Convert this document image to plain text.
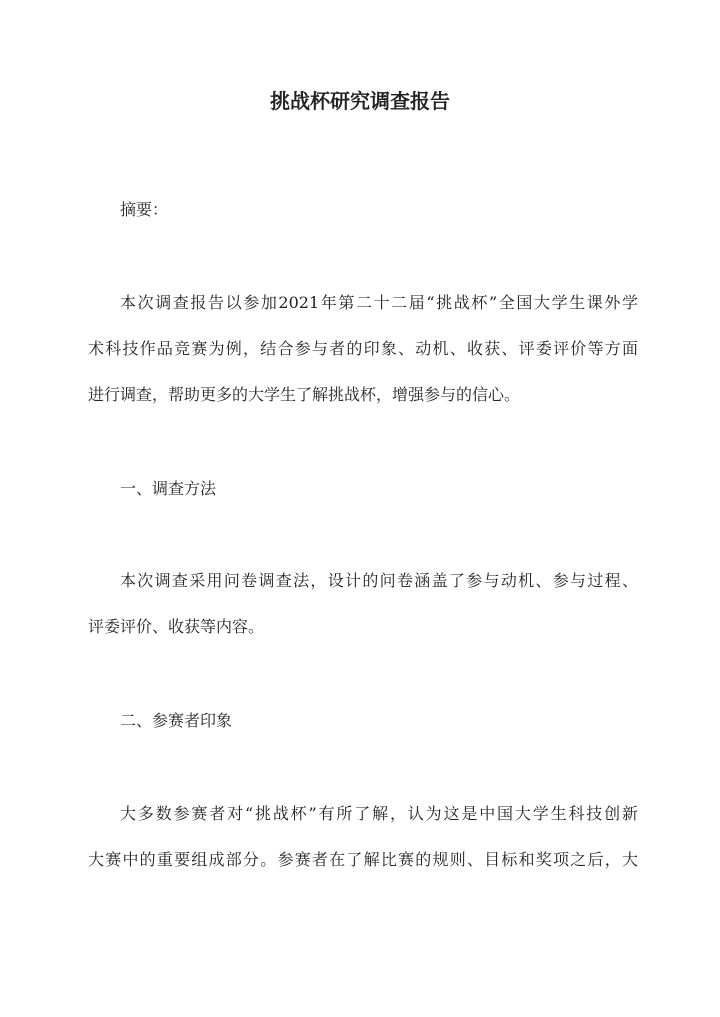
挑战杯研究调查报告

摘要：

本次调查报告以参加2021年第二十二届“挑战杯”全国大学生课外学
术科技作品竞赛为例，结合参与者的印象、动机、收获、评委评价等方面
进行调查，帮助更多的大学生了解挑战杯，增强参与的信心。

一、调查方法

本次调查采用问卷调查法，设计的问卷涵盖了参与动机、参与过程、
评委评价、收获等内容。

二、参赛者印象

大多数参赛者对“挑战杯”有所了解，认为这是中国大学生科技创新
大赛中的重要组成部分。参赛者在了解比赛的规则、目标和奖项之后，大
